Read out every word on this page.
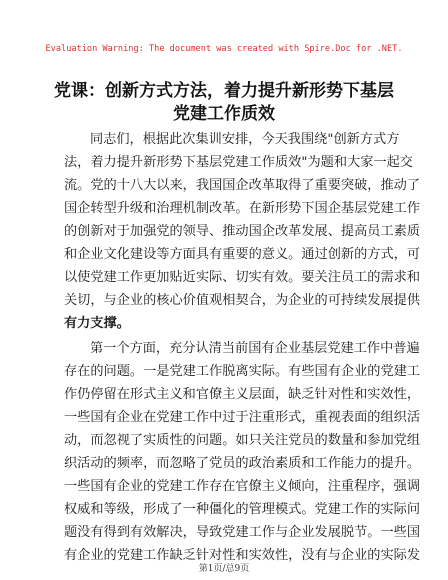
Evaluation Warning: The document was created with Spire.Doc for .NET.
党课：创新方式方法，着力提升新形势下基层
党建工作质效
同志们，根据此次集训安排，今天我围绕"创新方式方
法，着力提升新形势下基层党建工作质效"为题和大家一起交
流。党的十八大以来，我国国企改革取得了重要突破，推动了
国企转型升级和治理机制改革。在新形势下国企基层党建工作
的创新对于加强党的领导、推动国企改革发展、提高员工素质
和企业文化建设等方面具有重要的意义。通过创新的方式，可
以使党建工作更加贴近实际、切实有效。要关注员工的需求和
关切，与企业的核心价值观相契合，为企业的可持续发展提供
有力支撑。
第一个方面，充分认清当前国有企业基层党建工作中普遍
存在的问题。一是党建工作脱离实际。有些国有企业的党建工
作仍停留在形式主义和官僚主义层面，缺乏针对性和实效性，
一些国有企业在党建工作中过于注重形式，重视表面的组织活
动，而忽视了实质性的问题。如只关注党员的数量和参加党组
织活动的频率，而忽略了党员的政治素质和工作能力的提升。
一些国有企业的党建工作存在官僚主义倾向，注重程序，强调
权威和等级，形成了一种僵化的管理模式。党建工作的实际问
题没有得到有效解决，导致党建工作与企业发展脱节。一些国
有企业的党建工作缺乏针对性和实效性，没有与企业的实际发
第1页/总9页
